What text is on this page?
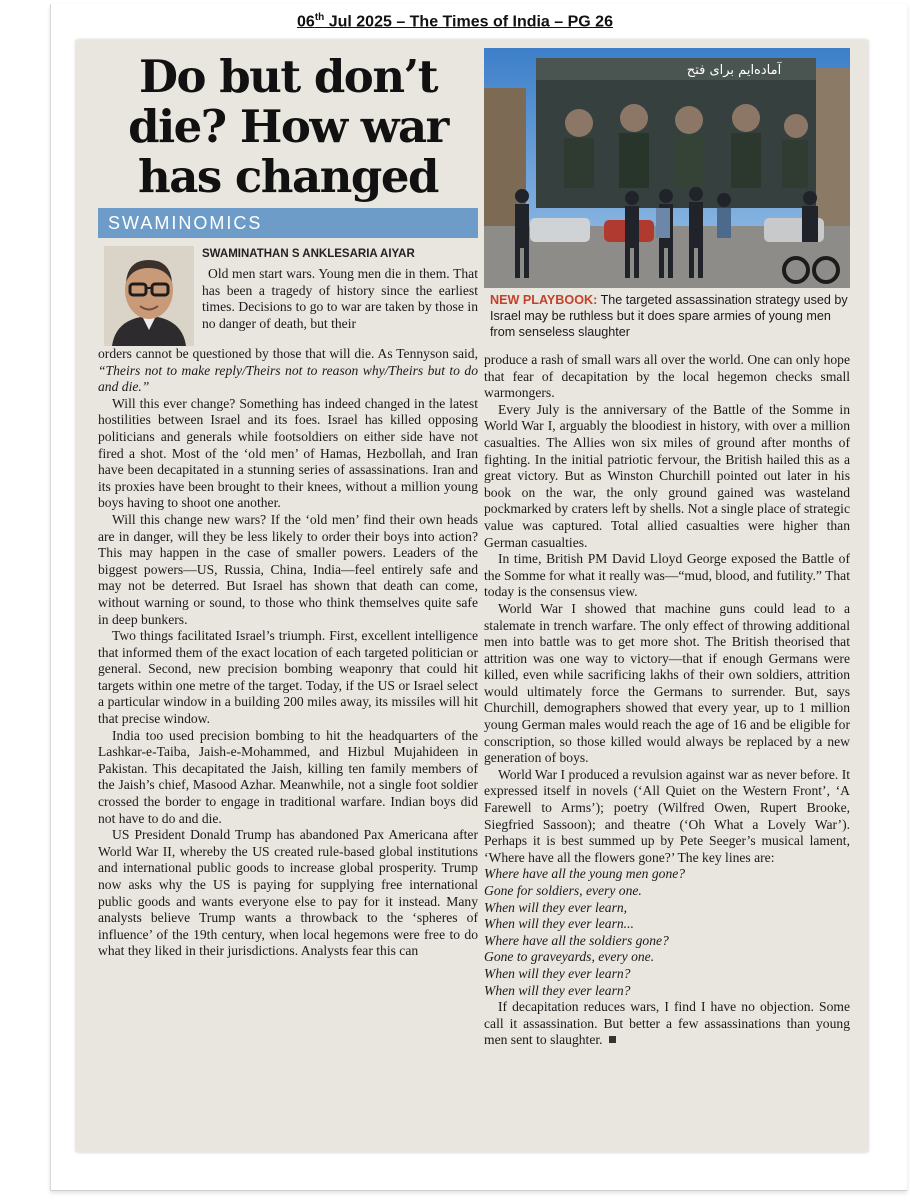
06th Jul 2025 – The Times of India – PG 26
Do but don’t
die? How war
has changed
SWAMINOMICS
SWAMINATHAN S ANKLESARIA AIYAR

Old men start wars. Young men die in them. That has been a tragedy of history since the earliest times. Decisions to go to war are taken by those in no danger of death, but their

orders cannot be questioned by those that will die. As Tennyson said, “Theirs not to make reply/Theirs not to reason why/Theirs but to do and die.”

Will this ever change? Something has indeed changed in the latest hostilities between Israel and its foes. Israel has killed opposing politicians and generals while footsoldiers on either side have not fired a shot. Most of the ‘old men’ of Hamas, Hezbollah, and Iran have been decapitated in a stunning series of assassinations. Iran and its proxies have been brought to their knees, without a million young boys having to shoot one another.

Will this change new wars? If the ‘old men’ find their own heads are in danger, will they be less likely to order their boys into action? This may happen in the case of smaller powers. Leaders of the biggest powers—US, Russia, China, India—feel entirely safe and may not be deterred. But Israel has shown that death can come, without warning or sound, to those who think themselves quite safe in deep bunkers.

Two things facilitated Israel’s triumph. First, excellent intelligence that informed them of the exact location of each targeted politician or general. Second, new precision bombing weaponry that could hit targets within one metre of the target. Today, if the US or Israel select a particular window in a building 200 miles away, its missiles will hit that precise window.

India too used precision bombing to hit the headquarters of the Lashkar-e-Taiba, Jaish-e-Mohammed, and Hizbul Mujahideen in Pakistan. This decapitated the Jaish, killing ten family members of the Jaish’s chief, Masood Azhar. Meanwhile, not a single foot soldier crossed the border to engage in traditional warfare. Indian boys did not have to do and die.

US President Donald Trump has abandoned Pax Americana after World War II, whereby the US created rule-based global institutions and international public goods to increase global prosperity. Trump now asks why the US is paying for supplying free international public goods and wants everyone else to pay for it instead. Many analysts believe Trump wants a throwback to the ‘spheres of influence’ of the 19th century, when local hegemons were free to do what they liked in their jurisdictions. Analysts fear this can

آماده‌ایم برای فتح
NEW PLAYBOOK: The targeted assassination strategy used by Israel may be ruthless but it does spare armies of young men from senseless slaughter

produce a rash of small wars all over the world. One can only hope that fear of decapitation by the local hegemon checks small warmongers.

Every July is the anniversary of the Battle of the Somme in World War I, arguably the bloodiest in history, with over a million casualties. The Allies won six miles of ground after months of fighting. In the initial patriotic fervour, the British hailed this as a great victory. But as Winston Churchill pointed out later in his book on the war, the only ground gained was wasteland pockmarked by craters left by shells. Not a single place of strategic value was captured. Total allied casualties were higher than German casualties.

In time, British PM David Lloyd George exposed the Battle of the Somme for what it really was—“mud, blood, and futility.” That today is the consensus view.

World War I showed that machine guns could lead to a stalemate in trench warfare. The only effect of throwing additional men into battle was to get more shot. The British theorised that attrition was one way to victory—that if enough Germans were killed, even while sacrificing lakhs of their own soldiers, attrition would ultimately force the Germans to surrender. But, says Churchill, demographers showed that every year, up to 1 million young German males would reach the age of 16 and be eligible for conscription, so those killed would always be replaced by a new generation of boys.

World War I produced a revulsion against war as never before. It expressed itself in novels (‘All Quiet on the Western Front’, ‘A Farewell to Arms’); poetry (Wilfred Owen, Rupert Brooke, Siegfried Sassoon); and theatre (‘Oh What a Lovely War’). Perhaps it is best summed up by Pete Seeger’s musical lament, ‘Where have all the flowers gone?’ The key lines are:

Where have all the young men gone?

Gone for soldiers, every one.

When will they ever learn,

When will they ever learn...

Where have all the soldiers gone?

Gone to graveyards, every one.

When will they ever learn?

When will they ever learn?

If decapitation reduces wars, I find I have no objection. Some call it assassination. But better a few assassinations than young men sent to slaughter.
